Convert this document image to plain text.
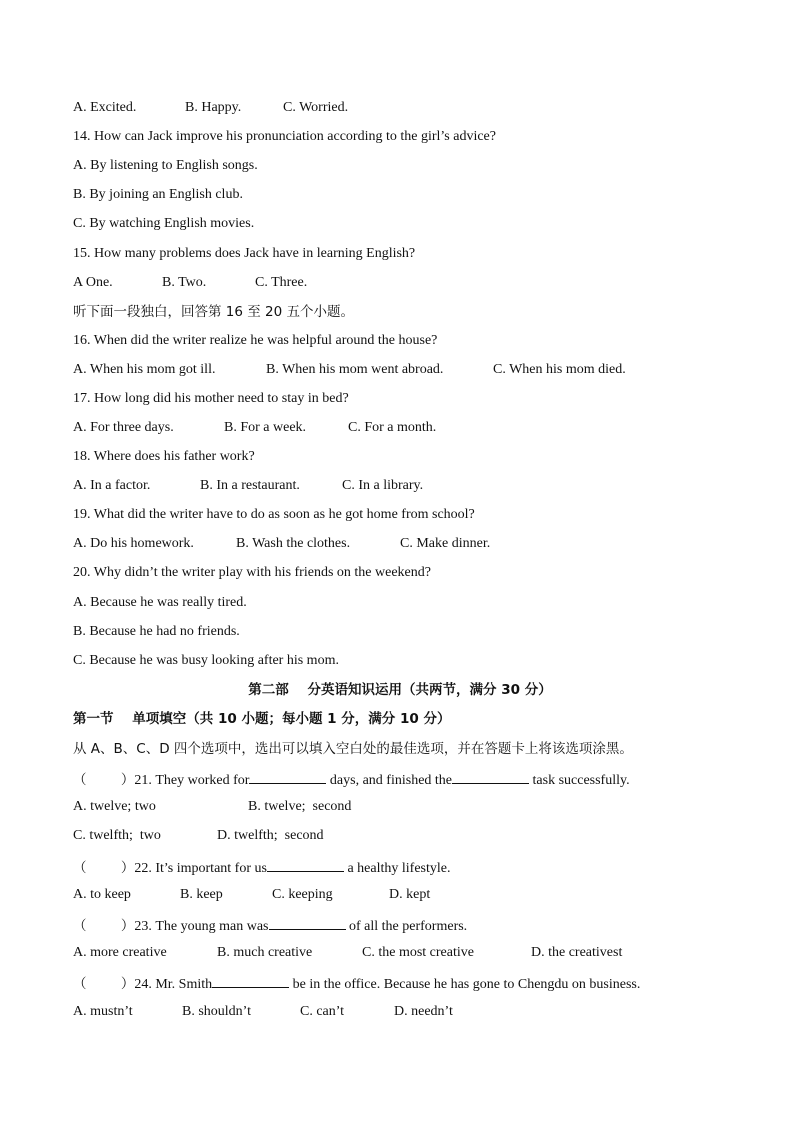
A. Excited.	B. Happy.	C. Worried.
14. How can Jack improve his pronunciation according to the girl’s advice?
A. By listening to English songs.
B. By joining an English club.
C. By watching English movies.
15. How many problems does Jack have in learning English?
A One.	B. Two.	C. Three.
听下面一段独白，回答第 16 至 20 五个小题。
16. When did the writer realize he was helpful around the house?
A. When his mom got ill.	B. When his mom went abroad.	C. When his mom died.
17. How long did his mother need to stay in bed?
A. For three days.	B. For a week.	C. For a month.
18. Where does his father work?
A. In a factor.	B. In a restaurant.	C. In a library.
19. What did the writer have to do as soon as he got home from school?
A. Do his homework.	B. Wash the clothes.	C. Make dinner.
20. Why didn’t the writer play with his friends on the weekend?
A. Because he was really tired.
B. Because he had no friends.
C. Because he was busy looking after his mom.
第二部    分英语知识运用（共两节，满分 30 分）
第一节    单项填空（共 10 小题；每小题 1 分，满分 10 分）
从 A、B、C、D 四个选项中，选出可以填入空白处的最佳选项，并在答题卡上将该选项涂黑。
（        ）21. They worked for	days, and finished the	task successfully.
A. twelve; two	B. twelve;  second
C. twelfth;  two	D. twelfth;  second
（        ）22. It’s important for us	a healthy lifestyle.
A. to keep	B. keep	C. keeping	D. kept
（        ）23. The young man was	of all the performers.
A. more creative	B. much creative	C. the most creative	D. the creativest
（        ）24. Mr. Smith	be in the office. Because he has gone to Chengdu on business.
A. mustn’t	B. shouldn’t	C. can’t	D. needn’t
